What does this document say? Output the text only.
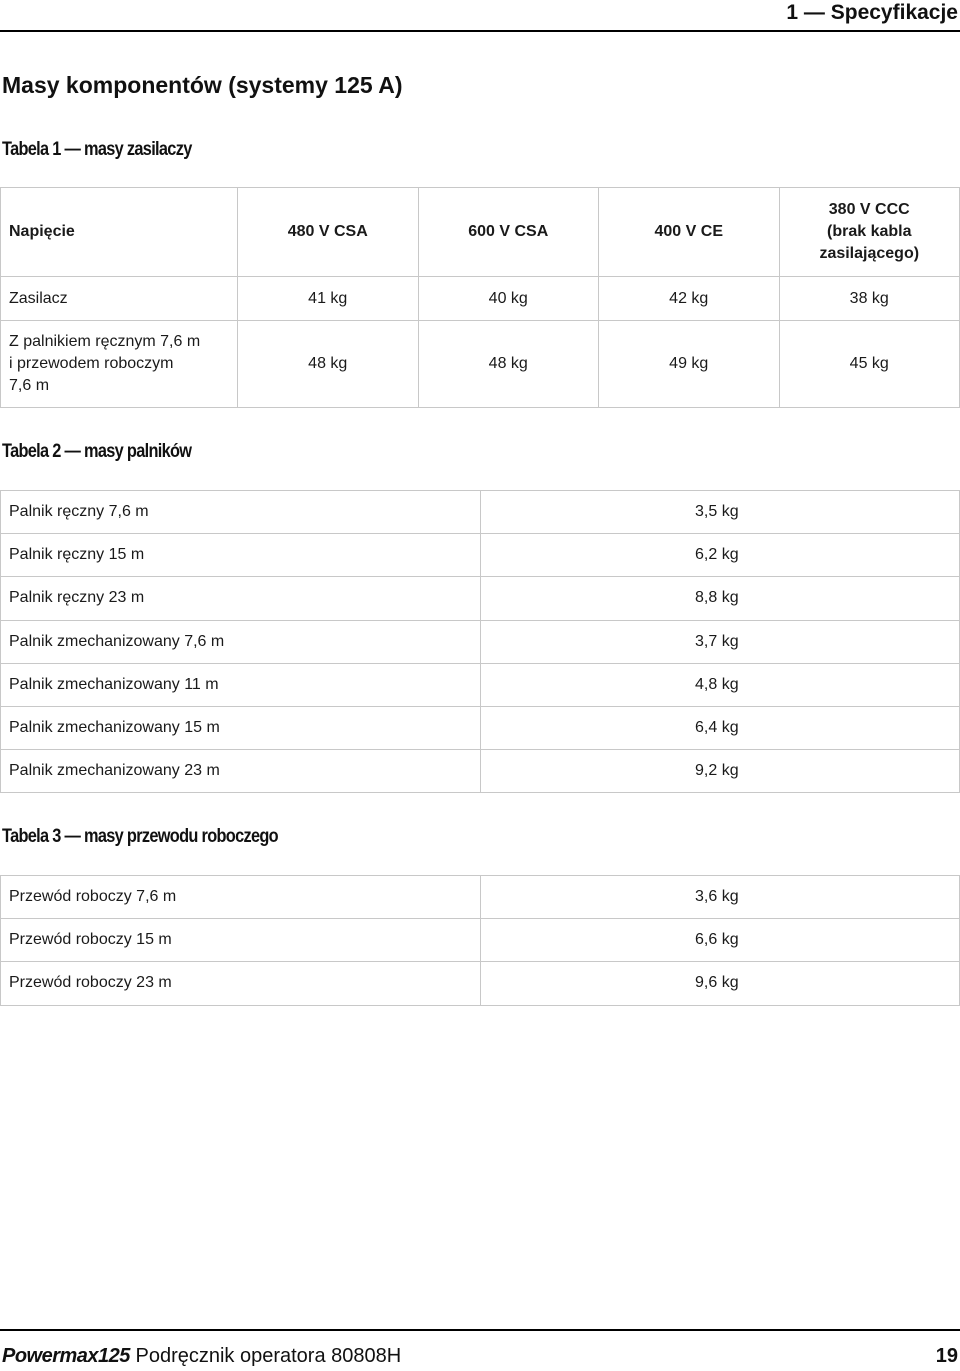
1 — Specyfikacje
Masy komponentów (systemy 125 A)
Tabela 1 — masy zasilaczy
Napięcie	480 V CSA	600 V CSA	400 V CE	380 V CCC
(brak kabla
zasilającego)
Zasilacz	41 kg	40 kg	42 kg	38 kg
Z palnikiem ręcznym 7,6 m
i przewodem roboczym
7,6 m	48 kg	48 kg	49 kg	45 kg
Tabela 2 — masy palników
Palnik ręczny 7,6 m	3,5 kg
Palnik ręczny 15 m	6,2 kg
Palnik ręczny 23 m	8,8 kg
Palnik zmechanizowany 7,6 m	3,7 kg
Palnik zmechanizowany 11 m	4,8 kg
Palnik zmechanizowany 15 m	6,4 kg
Palnik zmechanizowany 23 m	9,2 kg
Tabela 3 — masy przewodu roboczego
Przewód roboczy 7,6 m	3,6 kg
Przewód roboczy 15 m	6,6 kg
Przewód roboczy 23 m	9,6 kg
Powermax125 Podręcznik operatora 80808H	19
